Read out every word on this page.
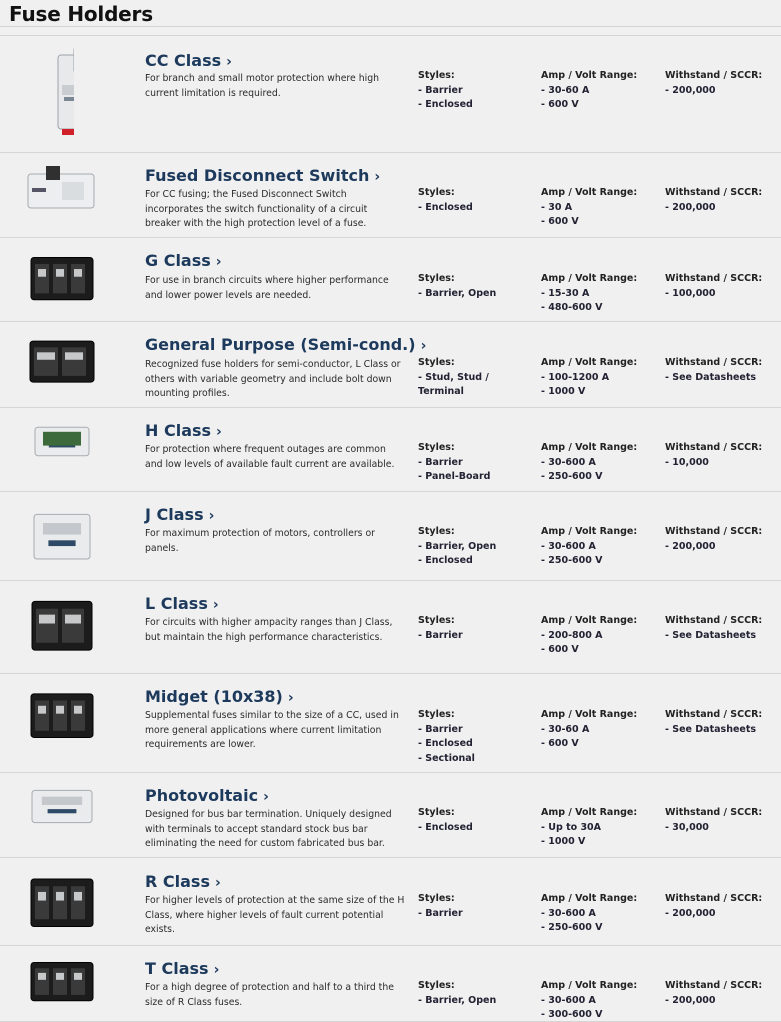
Fuse Holders
CC Class ›
For branch and small motor protection where high current limitation is required.
Styles:
- Barrier
- Enclosed
Amp / Volt Range:
- 30-60 A
- 600 V
Withstand / SCCR:
- 200,000
Fused Disconnect Switch ›
For CC fusing; the Fused Disconnect Switch incorporates the switch functionality of a circuit breaker with the high protection level of a fuse.
Styles:
- Enclosed
Amp / Volt Range:
- 30 A
- 600 V
Withstand / SCCR:
- 200,000
G Class ›
For use in branch circuits where higher performance and lower power levels are needed.
Styles:
- Barrier, Open
Amp / Volt Range:
- 15-30 A
- 480-600 V
Withstand / SCCR:
- 100,000
General Purpose (Semi-cond.) ›
Recognized fuse holders for semi-conductor, L Class or others with variable geometry and include bolt down mounting profiles.
Styles:
- Stud, Stud / Terminal
Amp / Volt Range:
- 100-1200 A
- 1000 V
Withstand / SCCR:
- See Datasheets
H Class ›
For protection where frequent outages are common and low levels of available fault current are available.
Styles:
- Barrier
- Panel-Board
Amp / Volt Range:
- 30-600 A
- 250-600 V
Withstand / SCCR:
- 10,000
J Class ›
For maximum protection of motors, controllers or panels.
Styles:
- Barrier, Open
- Enclosed
Amp / Volt Range:
- 30-600 A
- 250-600 V
Withstand / SCCR:
- 200,000
L Class ›
For circuits with higher ampacity ranges than J Class, but maintain the high performance characteristics.
Styles:
- Barrier
Amp / Volt Range:
- 200-800 A
- 600 V
Withstand / SCCR:
- See Datasheets
Midget (10x38) ›
Supplemental fuses similar to the size of a CC, used in more general applications where current limitation requirements are lower.
Styles:
- Barrier
- Enclosed
- Sectional
Amp / Volt Range:
- 30-60 A
- 600 V
Withstand / SCCR:
- See Datasheets
Photovoltaic ›
Designed for bus bar termination. Uniquely designed with terminals to accept standard stock bus bar eliminating the need for custom fabricated bus bar.
Styles:
- Enclosed
Amp / Volt Range:
- Up to 30A
- 1000 V
Withstand / SCCR:
- 30,000
R Class ›
For higher levels of protection at the same size of the H Class, where higher levels of fault current potential exists.
Styles:
- Barrier
Amp / Volt Range:
- 30-600 A
- 250-600 V
Withstand / SCCR:
- 200,000
T Class ›
For a high degree of protection and half to a third the size of R Class fuses.
Styles:
- Barrier, Open
Amp / Volt Range:
- 30-600 A
- 300-600 V
Withstand / SCCR:
- 200,000
